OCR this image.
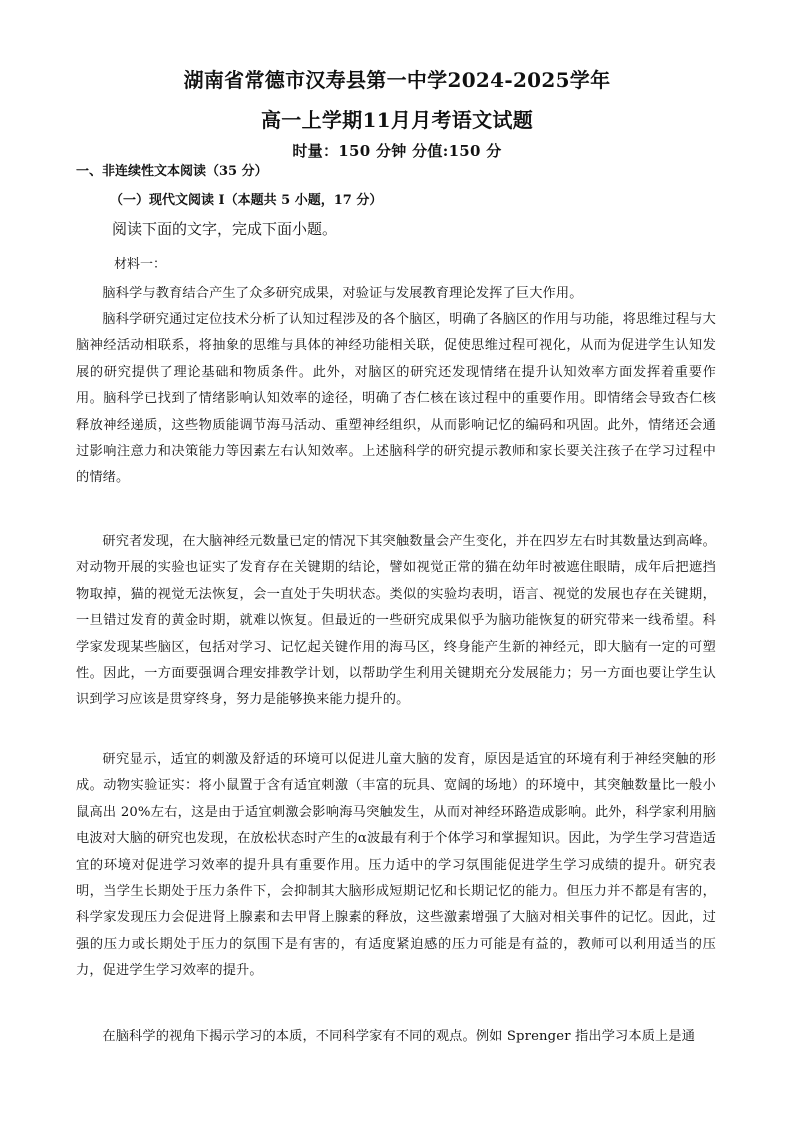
湖南省常德市汉寿县第一中学2024-2025学年
高一上学期11月月考语文试题
时量：150 分钟 分值:150 分
一、非连续性文本阅读（35 分）
（一）现代文阅读 I（本题共 5 小题，17 分）
阅读下面的文字，完成下面小题。
材料一：

脑科学与教育结合产生了众多研究成果，对验证与发展教育理论发挥了巨大作用。

脑科学研究通过定位技术分析了认知过程涉及的各个脑区，明确了各脑区的作用与功能，将思维过程与大脑神经活动相联系，将抽象的思维与具体的神经功能相关联，促使思维过程可视化，从而为促进学生认知发展的研究提供了理论基础和物质条件。此外，对脑区的研究还发现情绪在提升认知效率方面发挥着重要作用。脑科学已找到了情绪影响认知效率的途径，明确了杏仁核在该过程中的重要作用。即情绪会导致杏仁核释放神经递质，这些物质能调节海马活动、重塑神经组织，从而影响记忆的编码和巩固。此外，情绪还会通过影响注意力和决策能力等因素左右认知效率。上述脑科学的研究提示教师和家长要关注孩子在学习过程中的情绪。

研究者发现，在大脑神经元数量已定的情况下其突触数量会产生变化，并在四岁左右时其数量达到高峰。对动物开展的实验也证实了发育存在关键期的结论，譬如视觉正常的猫在幼年时被遮住眼睛，成年后把遮挡物取掉，猫的视觉无法恢复，会一直处于失明状态。类似的实验均表明，语言、视觉的发展也存在关键期，一旦错过发育的黄金时期，就难以恢复。但最近的一些研究成果似乎为脑功能恢复的研究带来一线希望。科学家发现某些脑区，包括对学习、记忆起关键作用的海马区，终身能产生新的神经元，即大脑有一定的可塑性。因此，一方面要强调合理安排教学计划，以帮助学生利用关键期充分发展能力；另一方面也要让学生认识到学习应该是贯穿终身，努力是能够换来能力提升的。

研究显示，适宜的刺激及舒适的环境可以促进儿童大脑的发育，原因是适宜的环境有利于神经突触的形成。动物实验证实：将小鼠置于含有适宜刺激（丰富的玩具、宽阔的场地）的环境中，其突触数量比一般小鼠高出 20%左右，这是由于适宜刺激会影响海马突触发生，从而对神经环路造成影响。此外，科学家利用脑电波对大脑的研究也发现，在放松状态时产生的α波最有利于个体学习和掌握知识。因此，为学生学习营造适宜的环境对促进学习效率的提升具有重要作用。压力适中的学习氛围能促进学生学习成绩的提升。研究表明，当学生长期处于压力条件下，会抑制其大脑形成短期记忆和长期记忆的能力。但压力并不都是有害的，科学家发现压力会促进肾上腺素和去甲肾上腺素的释放，这些激素增强了大脑对相关事件的记忆。因此，过强的压力或长期处于压力的氛围下是有害的，有适度紧迫感的压力可能是有益的，教师可以利用适当的压力，促进学生学习效率的提升。

在脑科学的视角下揭示学习的本质，不同科学家有不同的观点。例如 Sprenger 指出学习本质上是通
